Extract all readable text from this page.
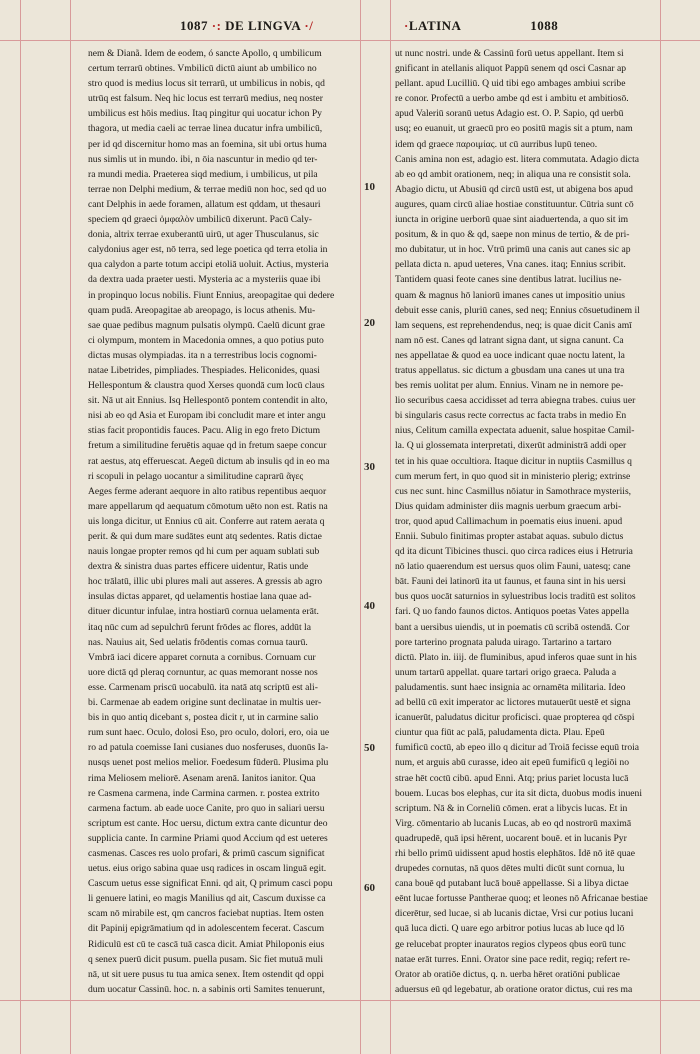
1087 ·: DE LINGVA ·/	·LATINA	1088
10
20
30
40
50
60
nem & Dianã. Idem de eodem, ó sancte Apollo, q umbilicum
certum terrarū obtines. Vmbilicū dictū aiunt ab umbilico no
stro quod is medius locus sit terrarū, ut umbilicus in nobis, qd
utrūq est falsum. Neq hic locus est terrarū medius, neq noster
umbilicus est hōis medius. Itaq pingitur qui uocatur ichon Py
thagora, ut media caeli ac terrae linea ducatur infra umbilicū,
per id qd discernitur homo mas an foemina, sit ubi ortus huma
nus simlis ut in mundo. ibi, n ōia nascuntur in medio qd ter-
ra mundi media. Praeterea siqd medium, i umbilicus, ut pila
terrae non Delphi medium, & terrae mediū non hoc, sed qd uo
cant Delphis in aede foramen, allatum est qddam, ut thesauri
speciem qd graeci ὀμφαλὸν umbilicū dixerunt. Pacū Caly-
donia, altrix terrae exuberantū uirū, ut ager Thusculanus, sic
calydonius ager est, nō terra, sed lege poetica qd terra etolia in
qua calydon a parte totum accipi etoliā uoluit. Actius, mysteria
da dextra uada praeter uesti. Mysteria ac a mysteriis quae ibi
in propinquo locus nobilis. Fiunt Ennius, areopagitae qui dedere
quam pudā. Areopagitae ab areopago, is locus athenis. Mu-
sae quae pedibus magnum pulsatis olympū. Caelū dicunt grae
ci olympum, montem in Macedonia omnes, a quo potius puto
dictas musas olympiadas. ita n a terrestribus locis cognomi-
natae Libetrides, pimpliades. Thespiades. Heliconides, quasi
Hellespontum & claustra quod Xerses quondā cum locū claus
sit. Nā ut ait Ennius. Isq Hellespontō pontem contendit in alto,
nisi ab eo qd Asia et Europam ibi concludit mare et inter angu
stias facit propontidis fauces. Pacu. Alig in ego freto Dictum
fretum a similitudine feruētis aquae qd in fretum saepe concur
rat aestus, atq efferuescat. Aegeū dictum ab insulis qd in eo ma
ri scopuli in pelago uocantur a similitudine caprarū ᾶγες
Aeges ferme aderant aequore in alto ratibus repentibus aequor
mare appellarum qd aequatum cōmotum uēto non est. Ratis na
uis longa dicitur, ut Ennius cū ait. Conferre aut ratem aerata q
perit. & qui dum mare sudātes eunt atq sedentes. Ratis dictae
nauis longae propter remos qd hi cum per aquam sublati sub
dextra & sinistra duas partes efficere uidentur, Ratis unde
hoc trālatū, illic ubi plures mali aut asseres. A gressis ab agro
insulas dictas apparet, qd uelamentis hostiae lana quae ad-
dituer dicuntur infulae, intra hostiarū cornua uelamenta erāt.
itaq nūc cum ad sepulchrū ferunt frōdes ac flores, addūt la
nas. Nauius ait, Sed uelatis frōdentis comas cornua taurū.
Vmbrā iaci dicere apparet cornuta a cornibus. Cornuam cur
uore dictā qd pleraq cornuntur, ac quas memorant nosse nos
esse. Carmenam priscū uocabulū. ita natā atq scriptū est ali-
bi. Carmenae ab eadem origine sunt declinatae in multis uer-
bis in quo antiq dicebant s, postea dicit r, ut in carmine salio
rum sunt haec. Oculo, dolosi Eso, pro oculo, dolori, ero, oia ue
ro ad patula coemisse Iani cusianes duo nosferuses, duonūs Ia-
nusqs uenet post melios melior. Foedesum fūderū. Plusima plu
rima Meliosem meliorē. Asenam arenā. Ianitos ianitor. Qua
re Casmena carmena, inde Carmina carmen. r. postea extrito
carmena factum. ab eade uoce Canite, pro quo in saliari uersu
scriptum est cante. Hoc uersu, dictum extra cante dicuntur deo
supplicia cante. In carmine Priami quod Accium qd est ueteres
casmenas. Casces res uolo profari, & primū cascum significat
uetus. eius origo sabina quae usq radices in oscam linguā egit.
Cascum uetus esse significat Enni. qd ait, Q primum casci popu
li genuere latini, eo magis Manilius qd ait, Cascum duxisse ca
scam nō mirabile est, qm cancros faciebat nuptias. Item osten
dit Papinij epigrāmatium qd in adolescentem fecerat. Cascum
Ridiculū est cū te cascā tuā casca dicit. Amiat Philoponis eius
q senex puerū dicit pusum. puella pusam. Sic fiet mutuā muli
nā, ut sit uere pusus tu tua amica senex. Item ostendit qd oppi
dum uocatur Cassinū. hoc. n. a sabinis orti Samites tenuerunt,
ut nunc nostri. unde & Cassinū forū uetus appellant. Item si
gnificant in atellanis aliquot Pappū senem qd osci Casnar ap
pellant. apud Lucilliū. Q uid tibi ego ambages ambiui scribe
re conor. Profectū a uerbo ambe qd est i ambitu et ambitiosō.
apud Valeriū soranū uetus Adagio est. O. P. Sapio, qd uerbū
usq; eo euanuit, ut graecū pro eo positū magis sit a ptum, nam
idem qd graece παροιμίας. ut cū aurribus lupū teneo.
Canis amina non est, adagio est. litera commutata. Adagio dicta
ab eo qd ambit orationem, neq; in aliqua una re consistit sola.
Abagio dictu, ut Abusiū qd circū ustū est, ut abigena bos apud
augures, quam circū aliae hostiae constituuntur. Cūtria sunt cō
iuncta in origine uerborū quae sint aiaduertenda, a quo sit im
positum, & in quo & qd, saepe non minus de tertio, & de pri-
mo dubitatur, ut in hoc. Vtrū primū una canis aut canes sic ap
pellata dicta n. apud ueteres, Vna canes. itaq; Ennius scribit.
Tantidem quasi feote canes sine dentibus latrat. lucilius ne-
quam & magnus hō laniorū imanes canes ut impositio unius
debuit esse canis, pluriū canes, sed neq; Ennius cōsuetudinem il
lam sequens, est reprehendendus, neq; is quae dicit Canis amī
nam nō est. Canes qd latrant signa dant, ut signa canunt. Ca
nes appellatae & quod ea uoce indicant quae noctu latent, la
tratus appellatus. sic dictum a gbusdam una canes ut una tra
bes remis uolitat per alum. Ennius. Vinam ne in nemore pe-
lio securibus caesa accidisset ad terra abiegna trabes. cuius uer
bi singularis casus recte correctus ac facta trabs in medio En
nius, Celitum camilla expectata aduenit, salue hospitae Camil-
la. Q ui glossemata interpretati, dixerūt administrā addi oper
tet in his quae occultiora. Itaque dicitur in nuptiis Casmillus q
cum merum fert, in quo quod sit in ministerio plerig; extrinse
cus nec sunt. hinc Casmillus nōiatur in Samothrace mysteriis,
Dius quidam administer diis magnis uerbum graecum arbi-
tror, quod apud Callimachum in poematis eius inueni. apud
Ennii. Subulo finitimas propter astabat aquas. subulo dictus
qd ita dicunt Tibicines thusci. quo circa radices eius i Hetruria
nō latio quaerendum est uersus quos olim Fauni, uatesq; cane
bāt. Fauni dei latinorū ita ut faunus, et fauna sint in his uersi
bus quos uocāt saturnios in syluestribus locis traditū est solitos
fari. Q uo fando faunos dictos. Antiquos poetas Vates appella
bant a uersibus uiendis, ut in poematis cū scribā ostendā. Cor
pore tarterino prognata paluda uirago. Tartarino a tartaro
dictū. Plato in. iiij. de fluminibus, apud inferos quae sunt in his
unum tartarū appellat. quare tartari origo graeca. Paluda a
paludamentis. sunt haec insignia ac ornamēta militaria. Ideo
ad bellū cū exit imperator ac lictores mutauerūt uestē et signa
icanuerūt, paludatus dicitur proficisci. quae propterea qd cōspi
ciuntur qua fiūt ac palā, paludamenta dicta. Plau. Epeū
fumificū coctū, ab epeo illo q dicitur ad Troiā fecisse equū troia
num, et arguis abū curasse, ideo ait epeū fumificū q legiōi no
strae hēt coctū cibū. apud Enni. Atq; prius pariet locusta lucā
bouem. Lucas bos elephas, cur ita sit dicta, duobus modis inueni
scriptum. Nā & in Corneliū cōmen. erat a libycis lucas. Et in
Virg. cōmentario ab lucanis Lucas, ab eo qd nostrorū maximā
quadrupedē, quā ipsi hērent, uocarent bouē. et in lucanis Pyr
rhi bello primū uidissent apud hostis elephātos. Idē nō itē quae
drupedes cornutas, nā quos dētes multi dicūt sunt cornua, lu
cana bouē qd putabant lucā bouē appellasse. Si a libya dictae
eēnt lucae fortusse Pantherae quoq; et leones nō Africanae bestiae
dicerētur, sed lucae, si ab lucanis dictae, Vrsi cur potius lucani
quā luca dicti. Q uare ego arbitror potius lucas ab luce qd lō
ge relucebat propter inauratos regios clypeos qbus eorū tunc
natae erāt turres. Enni. Orator sine pace redit, regiq; refert re-
Orator ab oratiōe dictus, q. n. uerba hēret oratiōni publicae
aduersus eū qd legebatur, ab oratione orator dictus, cui res ma
